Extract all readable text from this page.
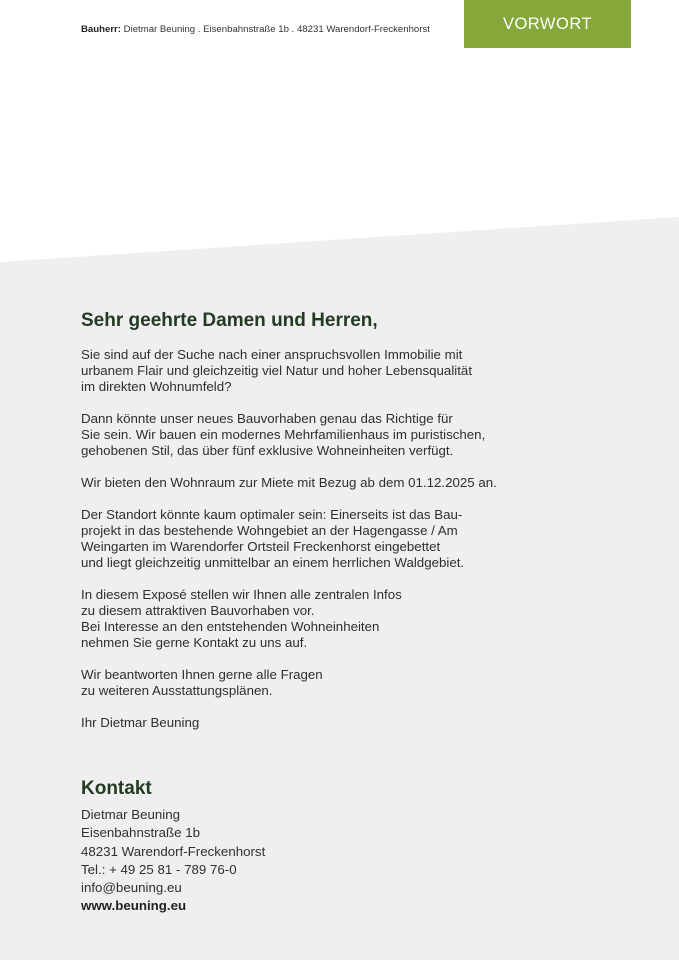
Bauherr: Dietmar Beuning . Eisenbahnstraße 1b . 48231 Warendorf-Freckenhorst	VORWORT
Sehr geehrte Damen und Herren,
Sie sind auf der Suche nach einer anspruchsvollen Immobilie mit
urbanem Flair und gleichzeitig viel Natur und hoher Lebensqualität
im direkten Wohnumfeld?
Dann könnte unser neues Bauvorhaben genau das Richtige für
Sie sein. Wir bauen ein modernes Mehrfamilienhaus im puristischen,
gehobenen Stil, das über fünf exklusive Wohneinheiten verfügt.
Wir bieten den Wohnraum zur Miete mit Bezug ab dem 01.12.2025 an.
Der Standort könnte kaum optimaler sein: Einerseits ist das Bau-
projekt in das bestehende Wohngebiet an der Hagengasse / Am
Weingarten im Warendorfer Ortsteil Freckenhorst eingebettet
und liegt gleichzeitig unmittelbar an einem herrlichen Waldgebiet.
In diesem Exposé stellen wir Ihnen alle zentralen Infos
zu diesem attraktiven Bauvorhaben vor.
Bei Interesse an den entstehenden Wohneinheiten
nehmen Sie gerne Kontakt zu uns auf.
Wir beantworten Ihnen gerne alle Fragen
zu weiteren Ausstattungsplänen.
Ihr Dietmar Beuning
Kontakt
Dietmar Beuning
Eisenbahnstraße 1b
48231 Warendorf-Freckenhorst
Tel.: + 49 25 81 - 789 76-0
info@beuning.eu
www.beuning.eu
